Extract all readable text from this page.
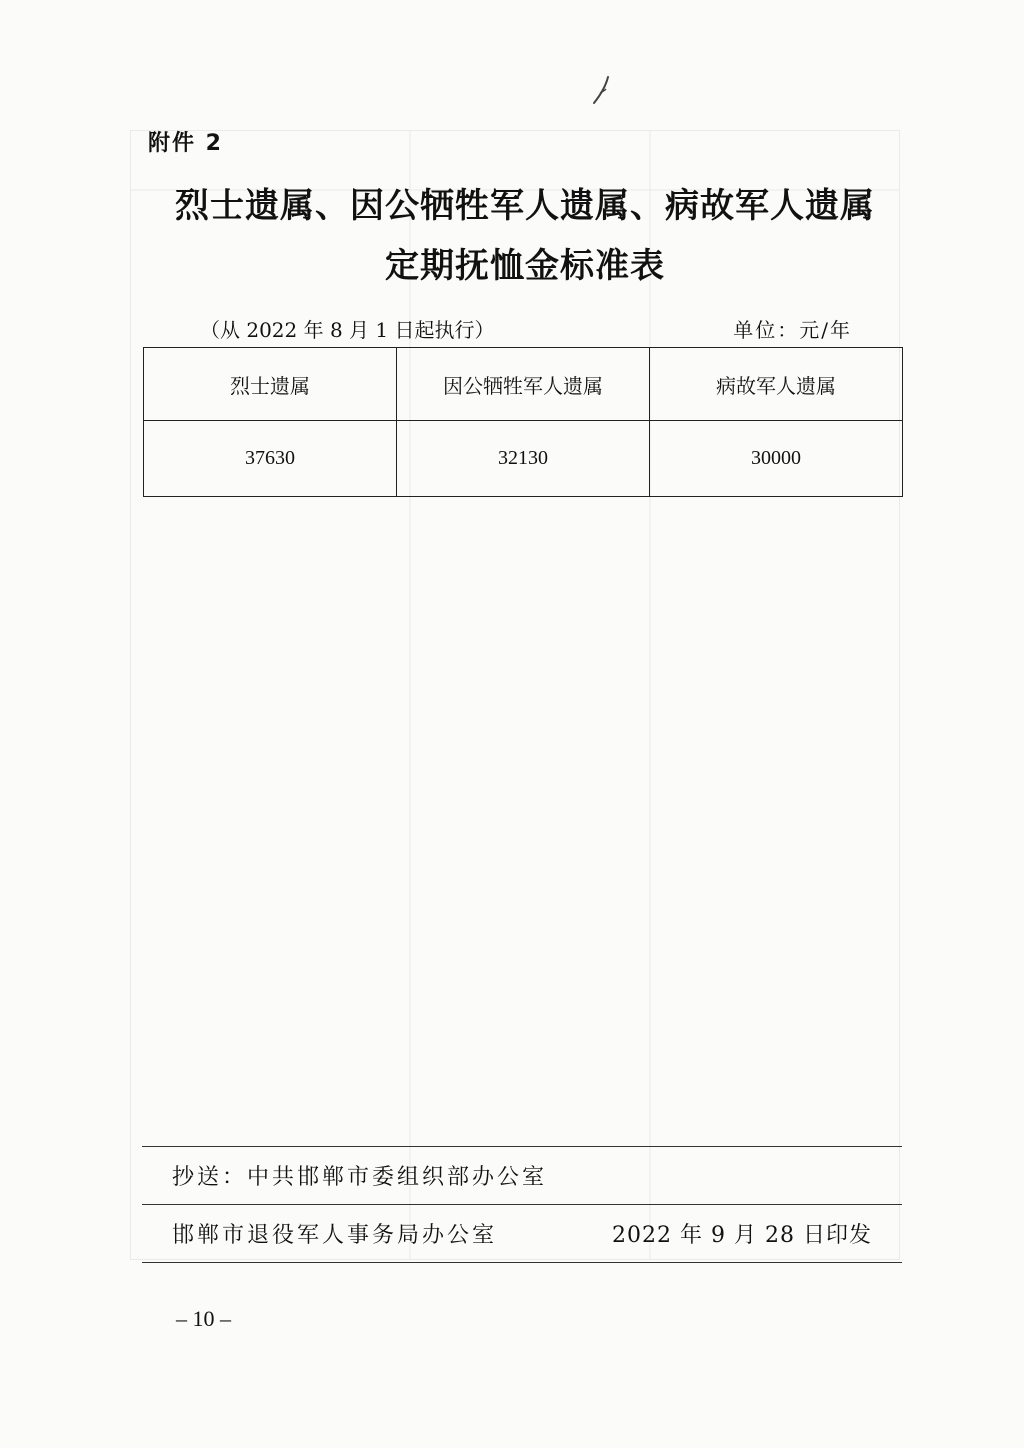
附件 2
烈士遗属、因公牺牲军人遗属、病故军人遗属
定期抚恤金标准表
（从 2022 年 8 月 1 日起执行）	单位：元/年
烈士遗属	因公牺牲军人遗属	病故军人遗属
37630	32130	30000
抄送：中共邯郸市委组织部办公室
邯郸市退役军人事务局办公室	2022 年 9 月 28 日印发
– 10 –
